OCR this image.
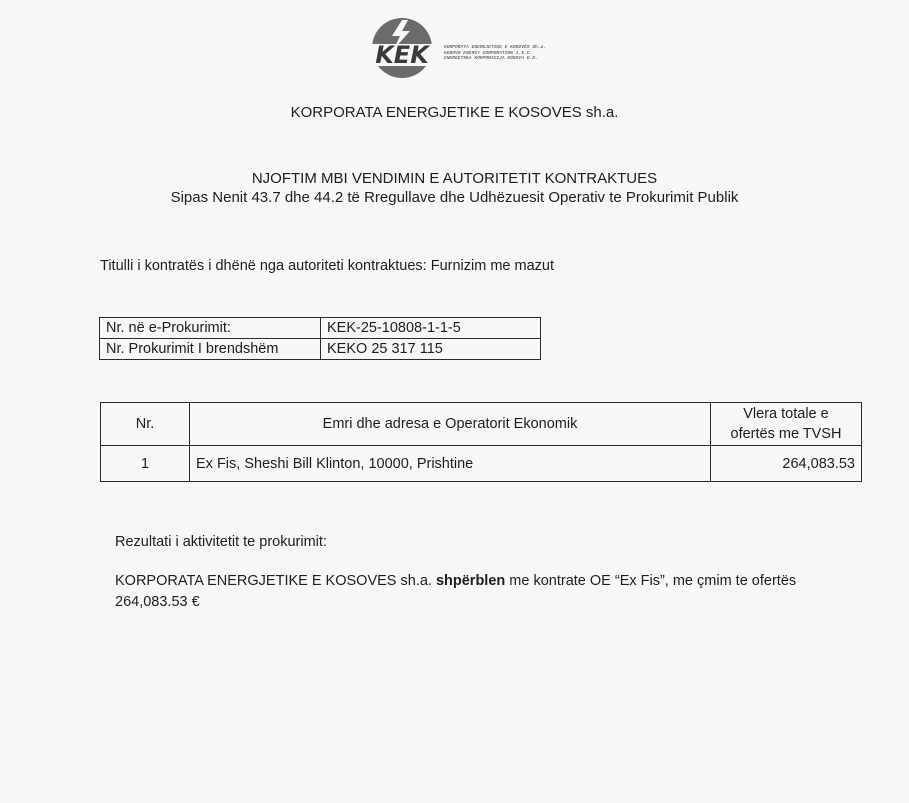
KEK	KORPORATA ENERGJETIKE E KOSOVËS Sh.a.
KOSOVO ENERGY CORPORATION J.S.C.
ENERGETSKA KORPORACIJA KOSOVA D.D.
KORPORATA ENERGJETIKE E KOSOVES sh.a.
NJOFTIM MBI VENDIMIN E AUTORITETIT KONTRAKTUES
Sipas Nenit 43.7 dhe 44.2 të Rregullave dhe Udhëzuesit Operativ te Prokurimit Publik
Titulli i kontratës i dhënë nga autoriteti kontraktues: Furnizim me mazut
Nr. në e-Prokurimit:	KEK-25-10808-1-1-5
Nr. Prokurimit I brendshëm	KEKO 25 317 115
Nr.	Emri dhe adresa e Operatorit Ekonomik	Vlera totale e
ofertës me TVSH

1	Ex Fis, Sheshi Bill Klinton, 10000, Prishtine	264,083.53
Rezultati i aktivitetit te prokurimit:
KORPORATA ENERGJETIKE E KOSOVES sh.a. shpërblen me kontrate OE “Ex Fis”, me çmim te ofertës
264,083.53 €
